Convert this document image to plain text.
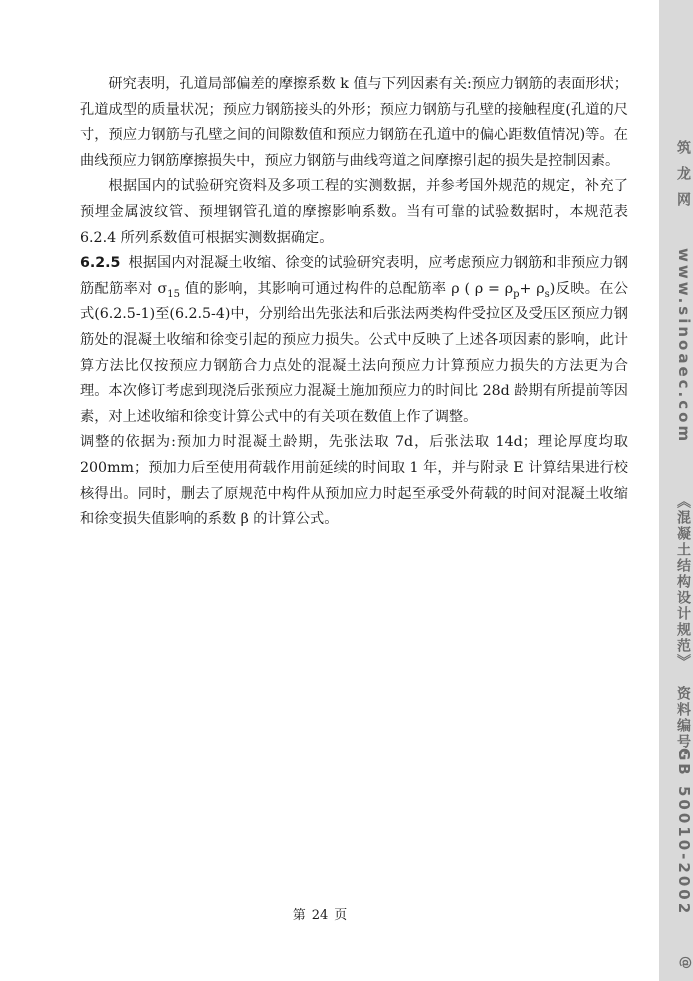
研究表明，孔道局部偏差的摩擦系数 k 值与下列因素有关:预应力钢筋的表面形状；孔道成型的质量状况；预应力钢筋接头的外形；预应力钢筋与孔壁的接触程度(孔道的尺寸，预应力钢筋与孔壁之间的间隙数值和预应力钢筋在孔道中的偏心距数值情况)等。在曲线预应力钢筋摩擦损失中，预应力钢筋与曲线弯道之间摩擦引起的损失是控制因素。

根据国内的试验研究资料及多项工程的实测数据，并参考国外规范的规定，补充了预埋金属波纹管、预埋钢管孔道的摩擦影响系数。当有可靠的试验数据时，本规范表 6.2.4 所列系数值可根据实测数据确定。

6.2.5 根据国内对混凝土收缩、徐变的试验研究表明，应考虑预应力钢筋和非预应力钢筋配筋率对 $\sigma_{15}$ 值的影响，其影响可通过构件的总配筋率 ρ ( $\rho = \rho_p+ \rho_s$)反映。在公式(6.2.5-1)至(6.2.5-4)中，分别给出先张法和后张法两类构件受拉区及受压区预应力钢筋处的混凝土收缩和徐变引起的预应力损失。公式中反映了上述各项因素的影响，此计算方法比仅按预应力钢筋合力点处的混凝土法向预应力计算预应力损失的方法更为合理。本次修订考虑到现浇后张预应力混凝土施加预应力的时间比 28d 龄期有所提前等因素，对上述收缩和徐变计算公式中的有关项在数值上作了调整。

调整的依据为:预加力时混凝土龄期，先张法取 7d，后张法取 14d；理论厚度均取200mm；预加力后至使用荷载作用前延续的时间取 1 年，并与附录 E 计算结果进行校核得出。同时，删去了原规范中构件从预加应力时起至承受外荷载的时间对混凝土收缩和徐变损失值影响的系数 β 的计算公式。

第 24 页
筑龙网
www.sinoaec.com
《混凝土结构设计规范》
资料编号:
GB 50010-2002
@
